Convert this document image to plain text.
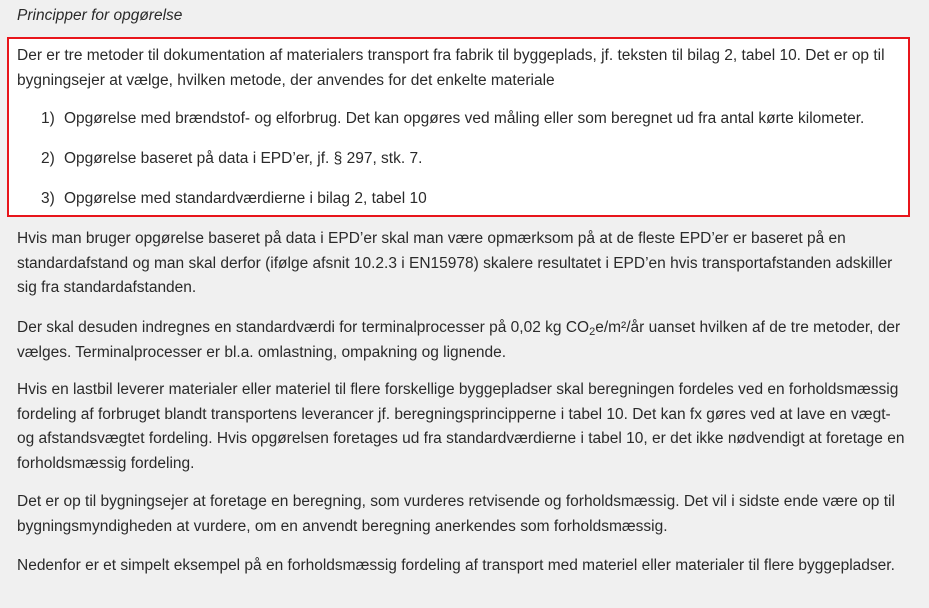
Principper for opgørelse
Der er tre metoder til dokumentation af materialers transport fra fabrik til byggeplads, jf. teksten til bilag 2, tabel 10. Det er op til bygningsejer at vælge, hvilken metode, der anvendes for det enkelte materiale
1) Opgørelse med brændstof- og elforbrug. Det kan opgøres ved måling eller som beregnet ud fra antal kørte kilometer.
2) Opgørelse baseret på data i EPD’er, jf. § 297, stk. 7.
3) Opgørelse med standardværdierne i bilag 2, tabel 10
Hvis man bruger opgørelse baseret på data i EPD’er skal man være opmærksom på at de fleste EPD’er er baseret på en standardafstand og man skal derfor (ifølge afsnit 10.2.3 i EN15978) skalere resultatet i EPD’en hvis transportafstanden adskiller sig fra standardafstanden.
Der skal desuden indregnes en standardværdi for terminalprocesser på 0,02 kg $CO_2e/m^2/år$ uanset hvilken af de tre metoder, der vælges. Terminalprocesser er bl.a. omlastning, ompakning og lignende.
Hvis en lastbil leverer materialer eller materiel til flere forskellige byggepladser skal beregningen fordeles ved en forholdsmæssig fordeling af forbruget blandt transportens leverancer jf. beregningsprincipperne i tabel 10. Det kan fx gøres ved at lave en vægt- og afstandsvægtet fordeling. Hvis opgørelsen foretages ud fra standardværdierne i tabel 10, er det ikke nødvendigt at foretage en forholdsmæssig fordeling.
Det er op til bygningsejer at foretage en beregning, som vurderes retvisende og forholdsmæssig. Det vil i sidste ende være op til bygningsmyndigheden at vurdere, om en anvendt beregning anerkendes som forholdsmæssig.
Nedenfor er et simpelt eksempel på en forholdsmæssig fordeling af transport med materiel eller materialer til flere byggepladser.
